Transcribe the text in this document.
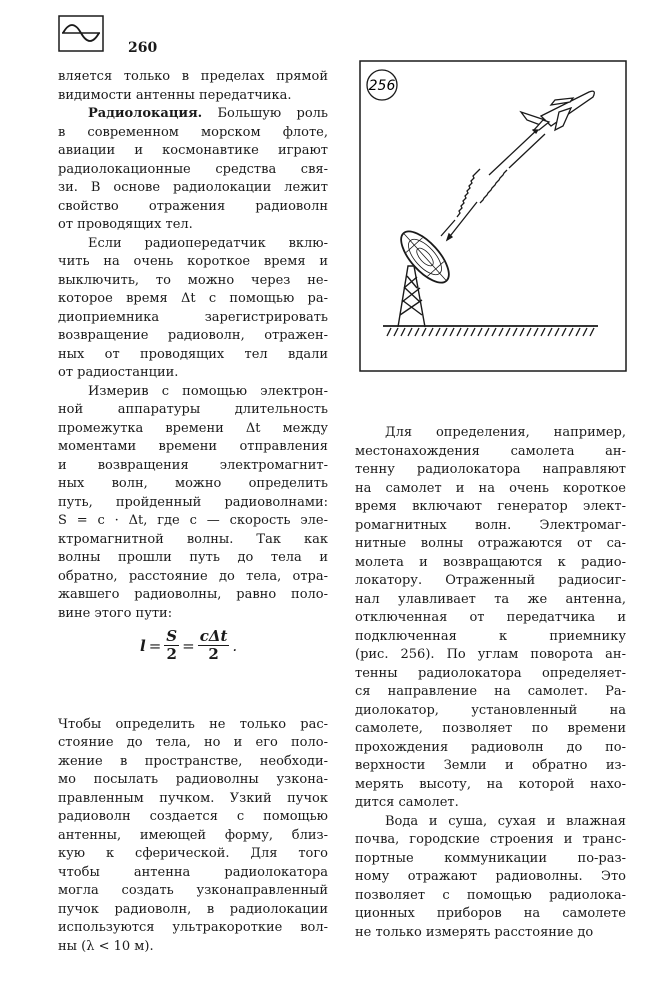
260
вляется только в пределах прямой
видимости антенны передатчика.
Радиолокация. Большую роль
в современном морском флоте,
авиации и космонавтике играют
радиолокационные средства свя-
зи. В основе радиолокации лежит
свойство отражения радиоволн
от проводящих тел.
Если радиопередатчик вклю-
чить на очень короткое время и
выключить, то можно через не-
которое время Δt с помощью ра-
диоприемника зарегистрировать
возвращение радиоволн, отражен-
ных от проводящих тел вдали
от радиостанции.
Измерив с помощью электрон-
ной аппаратуры длительность
промежутка времени Δt между
моментами времени отправления
и возвращения электромагнит-
ных волн, можно определить
путь, пройденный радиоволнами:
S = c · Δt, где c — скорость эле-
ктромагнитной волны. Так как
волны прошли путь до тела и
обратно, расстояние до тела, отра-
жавшего радиоволны, равно поло-
вине этого пути:
Чтобы определить не только рас-
стояние до тела, но и его поло-
жение в пространстве, необходи-
мо посылать радиоволны узкона-
правленным пучком. Узкий пучок
радиоволн создается с помощью
антенны, имеющей форму, близ-
кую к сферической. Для того
чтобы антенна радиолокатора
могла создать узконаправленный
пучок радиоволн, в радиолокации
используются ультракороткие вол-
ны (λ < 10 м).
Для определения, например,
местонахождения самолета ан-
тенну радиолокатора направляют
на самолет и на очень короткое
время включают генератор элект-
ромагнитных волн. Электромаг-
нитные волны отражаются от са-
молета и возвращаются к радио-
локатору. Отраженный радиосиг-
нал улавливает та же антенна,
отключенная от передатчика и
подключенная к приемнику
(рис. 256). По углам поворота ан-
тенны радиолокатора определяет-
ся направление на самолет. Ра-
диолокатор, установленный на
самолете, позволяет по времени
прохождения радиоволн до по-
верхности Земли и обратно из-
мерять высоту, на которой нахо-
дится самолет.
Вода и суша, сухая и влажная
почва, городские строения и транс-
портные коммуникации по-раз-
ному отражают радиоволны. Это
позволяет с помощью радиолока-
ционных приборов на самолете
не только измерять расстояние до
$l = \frac{S}{2} = \frac{\text{cΔt}}{2}$ .
256
